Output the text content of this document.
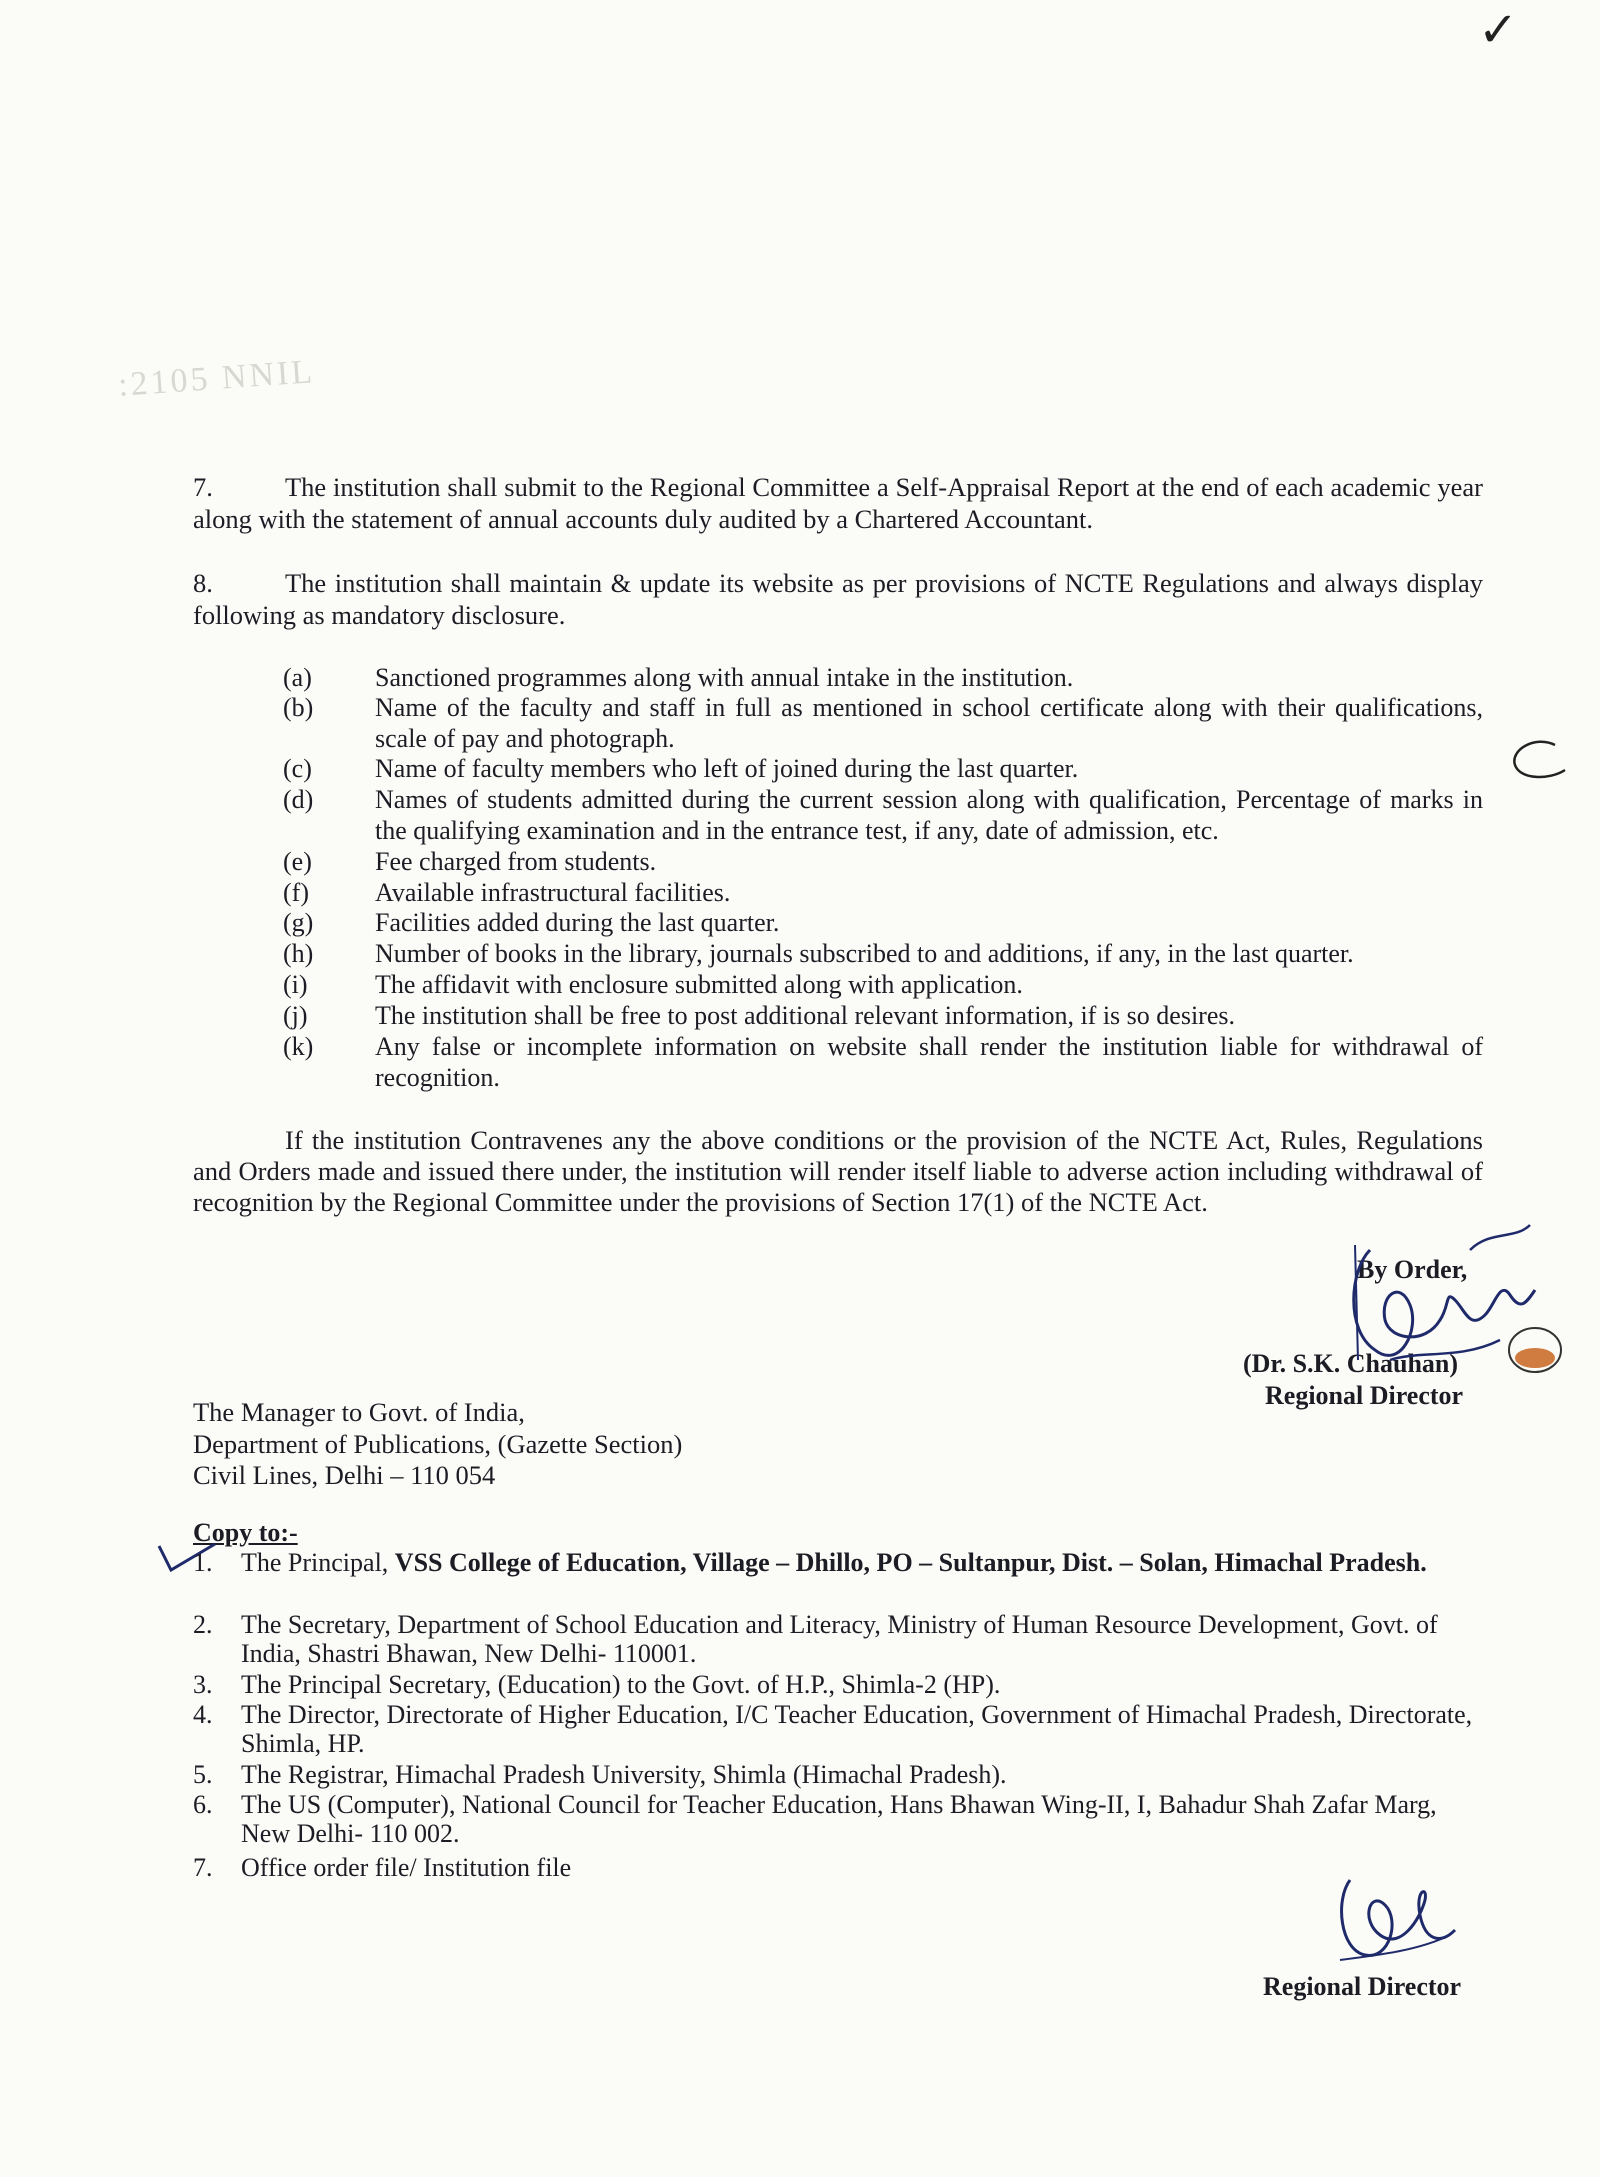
✓
:2105 NNIL
7.	The institution shall submit to the Regional Committee a Self-Appraisal Report at the end of each academic year along with the statement of annual accounts duly audited by a Chartered Accountant.
8.	The institution shall maintain & update its website as per provisions of NCTE Regulations and always display following as mandatory disclosure.
(a)	Sanctioned programmes along with annual intake in the institution.
(b)	Name of the faculty and staff in full as mentioned in school certificate along with their qualifications, scale of pay and photograph.
(c)	Name of faculty members who left of joined during the last quarter.
(d)	Names of students admitted during the current session along with qualification, Percentage of marks in the qualifying examination and in the entrance test, if any, date of admission, etc.
(e)	Fee charged from students.
(f)	Available infrastructural facilities.
(g)	Facilities added during the last quarter.
(h)	Number of books in the library, journals subscribed to and additions, if any, in the last quarter.
(i)	The affidavit with enclosure submitted along with application.
(j)	The institution shall be free to post additional relevant information, if is so desires.
(k)	Any false or incomplete information on website shall render the institution liable for withdrawal of recognition.
If the institution Contravenes any the above conditions or the provision of the NCTE Act, Rules, Regulations and Orders made and issued there under, the institution will render itself liable to adverse action including withdrawal of recognition by the Regional Committee under the provisions of Section 17(1) of the NCTE Act.
By Order,
(Dr. S.K. Chauhan)
Regional Director
The Manager to Govt. of India,
Department of Publications, (Gazette Section)
Civil Lines, Delhi – 110 054
Copy to:-
1.	The Principal, VSS College of Education, Village – Dhillo, PO – Sultanpur, Dist. – Solan, Himachal Pradesh.
2.	The Secretary, Department of School Education and Literacy, Ministry of Human Resource Development, Govt. of India, Shastri Bhawan, New Delhi- 110001.
3.	The Principal Secretary, (Education) to the Govt. of H.P., Shimla-2 (HP).
4.	The Director, Directorate of Higher Education, I/C Teacher Education, Government of Himachal Pradesh, Directorate, Shimla, HP.
5.	The Registrar, Himachal Pradesh University, Shimla (Himachal Pradesh).
6.	The US (Computer), National Council for Teacher Education, Hans Bhawan Wing-II, I, Bahadur Shah Zafar Marg, New Delhi- 110 002.
7.	Office order file/ Institution file
Regional Director
